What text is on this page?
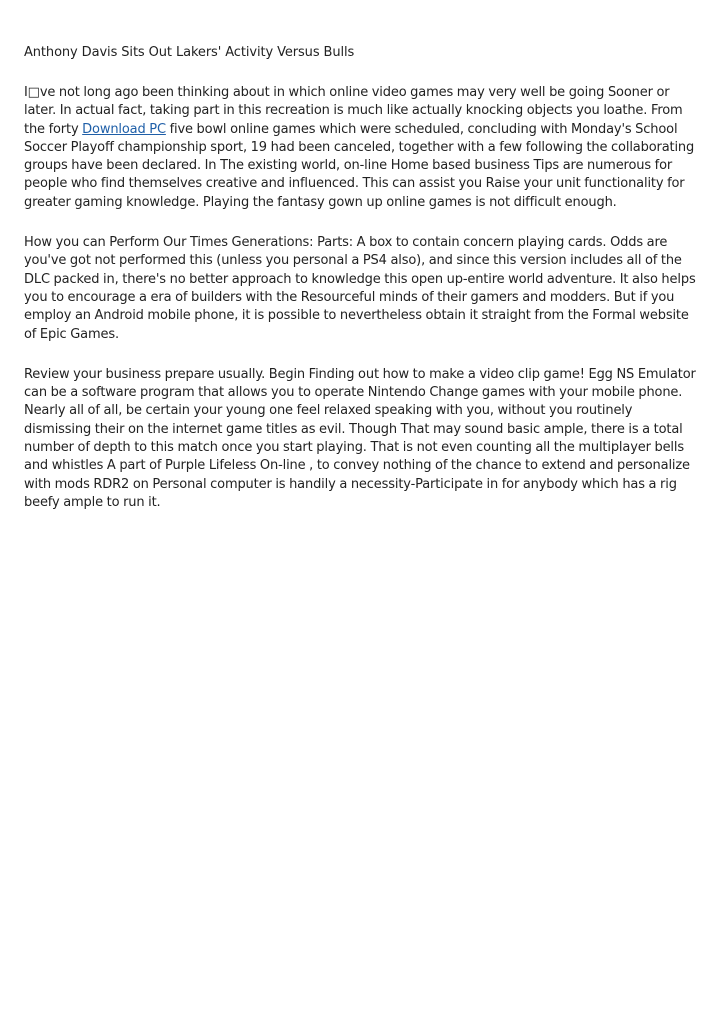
Anthony Davis Sits Out Lakers' Activity Versus Bulls

I□ve not long ago been thinking about in which online video games may very well be going Sooner or later. In actual fact, taking part in this recreation is much like actually knocking objects you loathe. From the forty Download PC five bowl online games which were scheduled, concluding with Monday's School Soccer Playoff championship sport, 19 had been canceled, together with a few following the collaborating groups have been declared. In The existing world, on-line Home based business Tips are numerous for people who find themselves creative and influenced. This can assist you Raise your unit functionality for greater gaming knowledge. Playing the fantasy gown up online games is not difficult enough.

How you can Perform Our Times Generations: Parts: A box to contain concern playing cards. Odds are you've got not performed this (unless you personal a PS4 also), and since this version includes all of the DLC packed in, there's no better approach to knowledge this open up-entire world adventure. It also helps you to encourage a era of builders with the Resourceful minds of their gamers and modders. But if you employ an Android mobile phone, it is possible to nevertheless obtain it straight from the Formal website of Epic Games.

Review your business prepare usually. Begin Finding out how to make a video clip game! Egg NS Emulator can be a software program that allows you to operate Nintendo Change games with your mobile phone. Nearly all of all, be certain your young one feel relaxed speaking with you, without you routinely dismissing their on the internet game titles as evil. Though That may sound basic ample, there is a total number of depth to this match once you start playing. That is not even counting all the multiplayer bells and whistles A part of Purple Lifeless On-line , to convey nothing of the chance to extend and personalize with mods RDR2 on Personal computer is handily a necessity-Participate in for anybody which has a rig beefy ample to run it.
